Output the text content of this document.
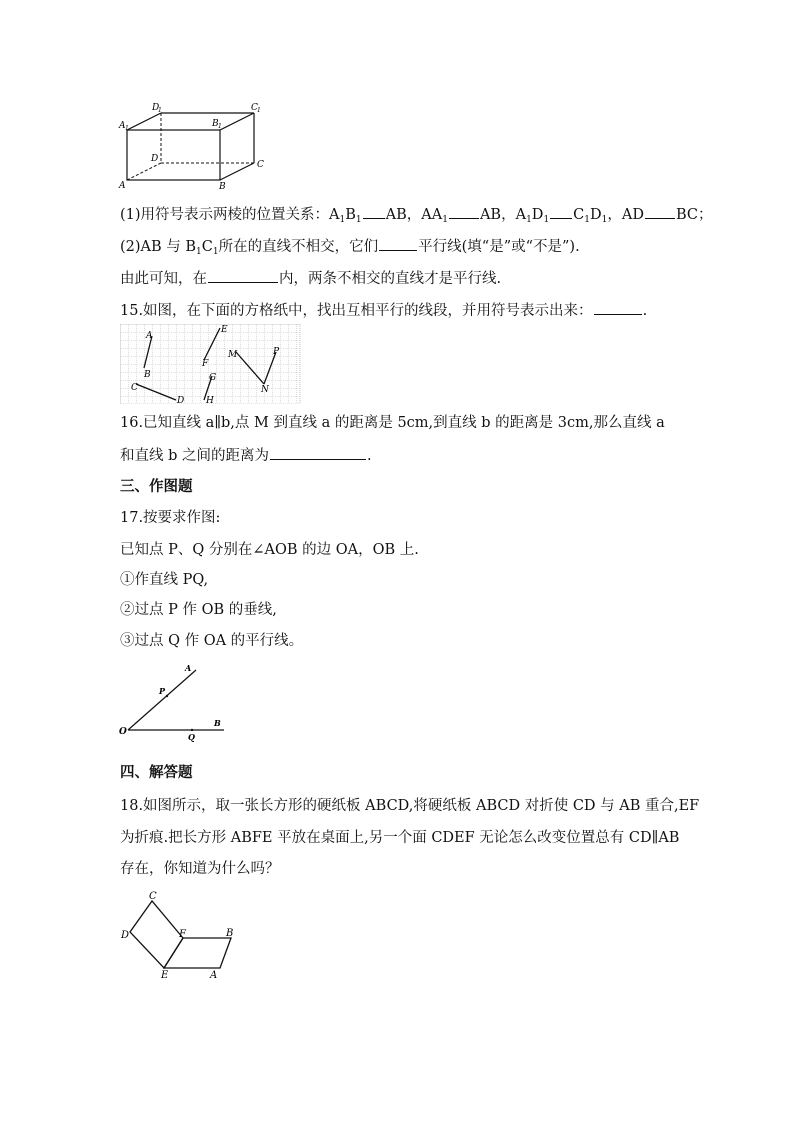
A 1
D
1
B 1
C 1
D
C
A	B
(1)用符号表示两棱的位置关系：$A_1B_1$ AB，$AA_1$ AB，$A_1D_1$ $C_1D_1$，AD BC；
(2)AB 与 $B_1C_1$所在的直线不相交，它们	平行线(填“是”或“不是”).
由此可知，在	内，两条不相交的直线才是平行线.
15.如图，在下面的方格纸中，找出互相平行的线段，并用符号表示出来：	.
A
B
E
F
C
D
G
H
M
N
P
16.已知直线 a∥b,点 M 到直线 a 的距离是 5cm,到直线 b 的距离是 3cm,那么直线 a
和直线 b 之间的距离为	.
三、作图题
17.按要求作图:
已知点 P、Q 分别在∠AOB 的边 OA，OB 上.
①作直线 PQ,
②过点 P 作 OB 的垂线,
③过点 Q 作 OA 的平行线。
O
P
A
Q
B
四、解答题
18.如图所示，取一张长方形的硬纸板 ABCD,将硬纸板 ABCD 对折使 CD 与 AB 重合,EF
为折痕.把长方形 ABFE 平放在桌面上,另一个面 CDEF 无论怎么改变位置总有 CD∥AB
存在，你知道为什么吗？
C
D	F	B
E	A
